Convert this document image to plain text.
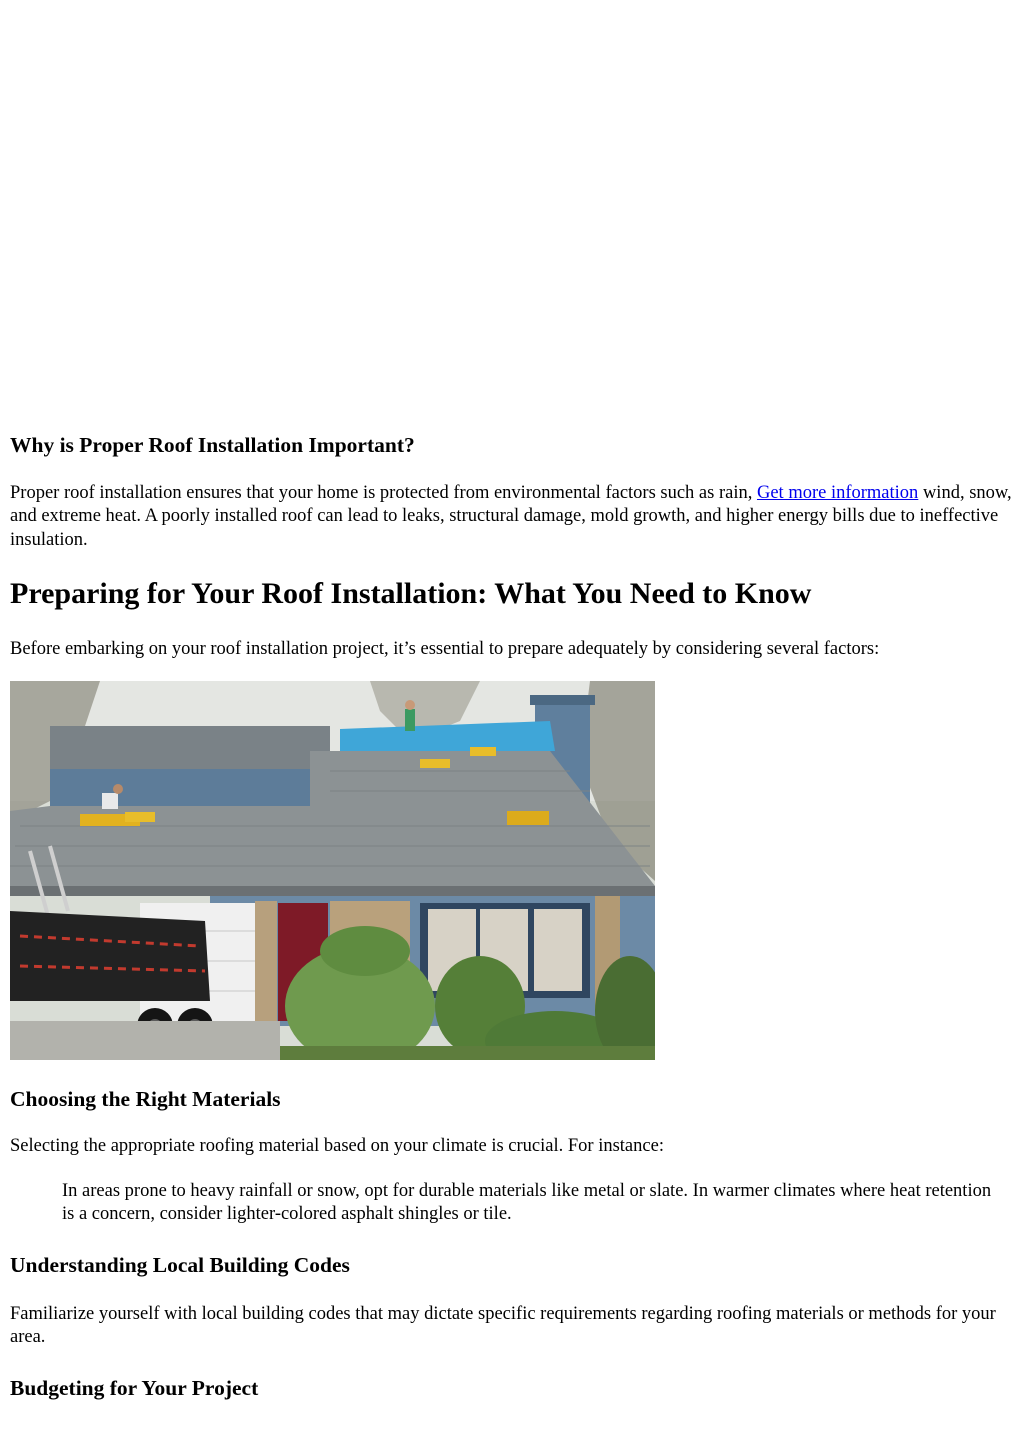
Why is Proper Roof Installation Important?

Proper roof installation ensures that your home is protected from environmental factors such as rain, Get more information wind, snow, and extreme heat. A poorly installed roof can lead to leaks, structural damage, mold growth, and higher energy bills due to ineffective insulation.

Preparing for Your Roof Installation: What You Need to Know

Before embarking on your roof installation project, it’s essential to prepare adequately by considering several factors:

Choosing the Right Materials

Selecting the appropriate roofing material based on your climate is crucial. For instance:

In areas prone to heavy rainfall or snow, opt for durable materials like metal or slate. In warmer climates where heat retention is a concern, consider lighter-colored asphalt shingles or tile.

Understanding Local Building Codes

Familiarize yourself with local building codes that may dictate specific requirements regarding roofing materials or methods for your area.

Budgeting for Your Project
